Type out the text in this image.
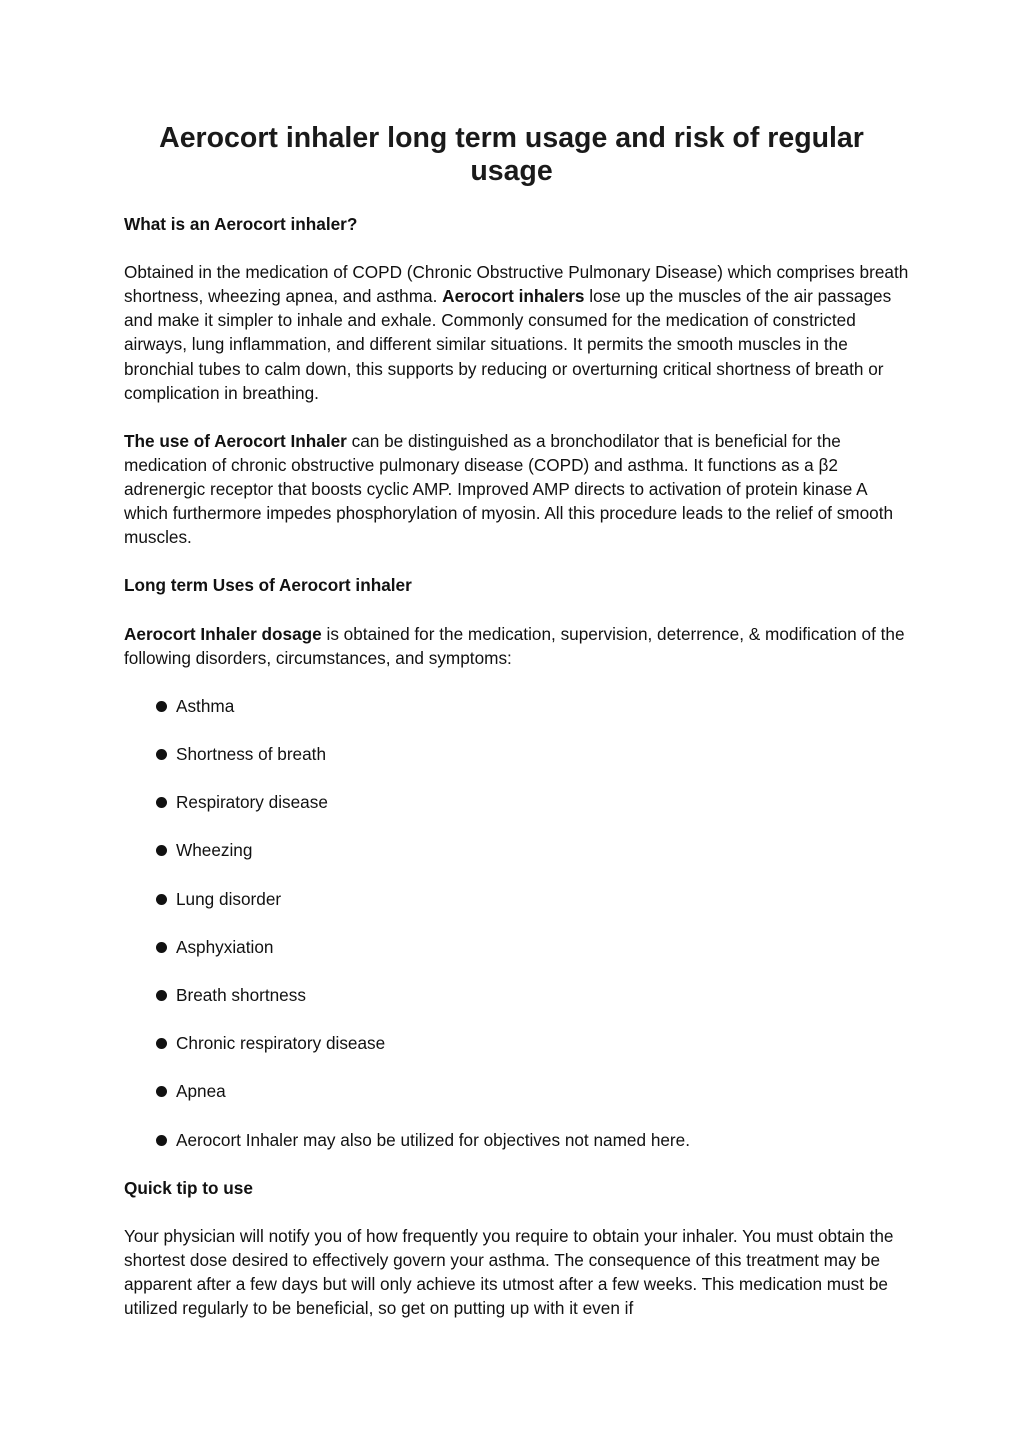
Aerocort inhaler long term usage and risk of regular usage
What is an Aerocort inhaler?

Obtained in the medication of COPD (Chronic Obstructive Pulmonary Disease) which comprises breath shortness, wheezing apnea, and asthma. Aerocort inhalers lose up the muscles of the air passages and make it simpler to inhale and exhale. Commonly consumed for the medication of constricted airways, lung inflammation, and different similar situations. It permits the smooth muscles in the bronchial tubes to calm down, this supports by reducing or overturning critical shortness of breath or complication in breathing.

The use of Aerocort Inhaler can be distinguished as a bronchodilator that is beneficial for the medication of chronic obstructive pulmonary disease (COPD) and asthma. It functions as a β2 adrenergic receptor that boosts cyclic AMP. Improved AMP directs to activation of protein kinase A which furthermore impedes phosphorylation of myosin. All this procedure leads to the relief of smooth muscles.

Long term Uses of Aerocort inhaler

Aerocort Inhaler dosage is obtained for the medication, supervision, deterrence, & modification of the following disorders, circumstances, and symptoms:

Asthma
Shortness of breath
Respiratory disease
Wheezing
Lung disorder
Asphyxiation
Breath shortness
Chronic respiratory disease
Apnea
Aerocort Inhaler may also be utilized for objectives not named here.
Quick tip to use

Your physician will notify you of how frequently you require to obtain your inhaler. You must obtain the shortest dose desired to effectively govern your asthma. The consequence of this treatment may be apparent after a few days but will only achieve its utmost after a few weeks. This medication must be utilized regularly to be beneficial, so get on putting up with it even if
